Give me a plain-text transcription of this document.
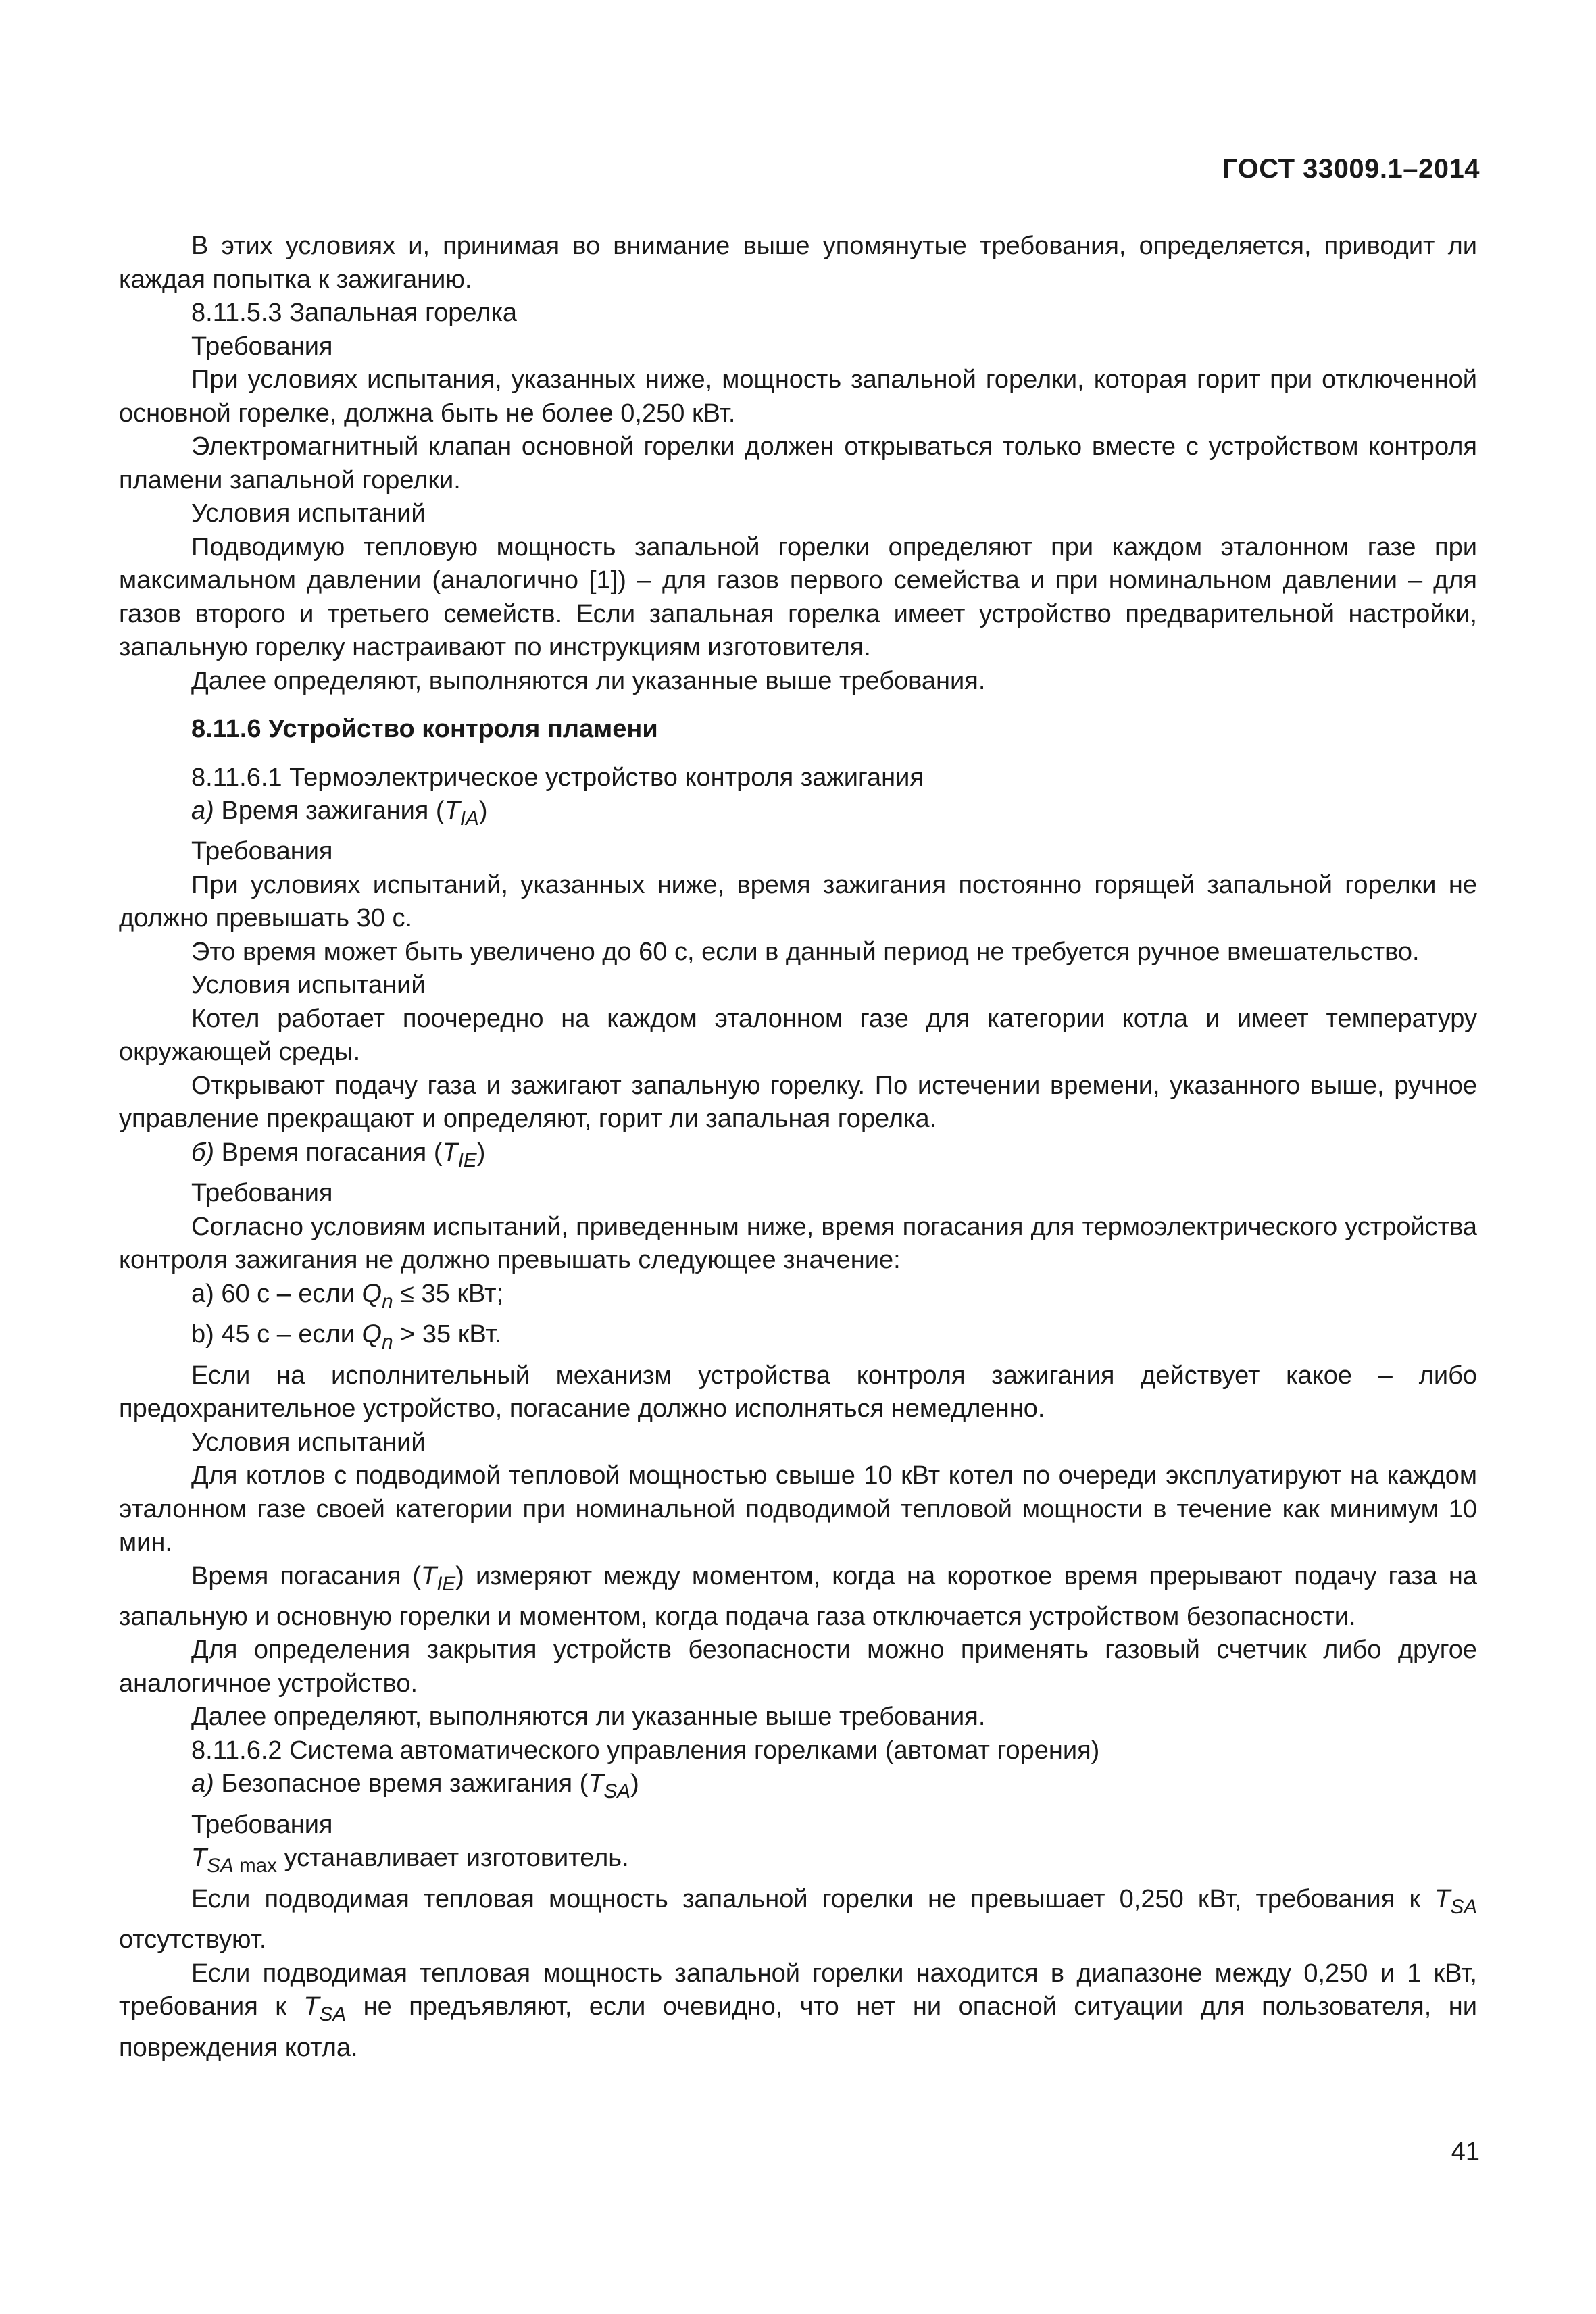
ГОСТ 33009.1–2014

В этих условиях и, принимая во внимание выше упомянутые требования, определяется, приводит ли каждая попытка к зажиганию.

8.11.5.3 Запальная горелка

Требования

При условиях испытания, указанных ниже, мощность запальной горелки, которая горит при отключенной основной горелке, должна быть не более 0,250 кВт.

Электромагнитный клапан основной горелки должен открываться только вместе с устройством контроля пламени запальной горелки.

Условия испытаний

Подводимую тепловую мощность запальной горелки определяют при каждом эталонном газе при максимальном давлении (аналогично [1]) – для газов первого семейства и при номинальном давлении – для газов второго и третьего семейств. Если запальная горелка имеет устройство предварительной настройки, запальную горелку настраивают по инструкциям изготовителя.

Далее определяют, выполняются ли указанные выше требования.

8.11.6 Устройство контроля пламени

8.11.6.1 Термоэлектрическое устройство контроля зажигания

а) Время зажигания $(T_{IA})$

Требования

При условиях испытаний, указанных ниже, время зажигания постоянно горящей запальной горелки не должно превышать 30 с.

Это время может быть увеличено до 60 с, если в данный период не требуется ручное вмешательство.

Условия испытаний

Котел работает поочередно на каждом эталонном газе для категории котла и имеет температуру окружающей среды.

Открывают подачу газа и зажигают запальную горелку. По истечении времени, указанного выше, ручное управление прекращают и определяют, горит ли запальная горелка.

б) Время погасания $(T_{IE})$

Требования

Согласно условиям испытаний, приведенным ниже, время погасания для термоэлектрического устройства контроля зажигания не должно превышать следующее значение:

a) 60 с – если $Q_n \le 35$ кВт;

b) 45 с – если $Q_n > 35$ кВт.

Если на исполнительный механизм устройства контроля зажигания действует какое – либо предохранительное устройство, погасание должно исполняться немедленно.

Условия испытаний

Для котлов с подводимой тепловой мощностью свыше 10 кВт котел по очереди эксплуатируют на каждом эталонном газе своей категории при номинальной подводимой тепловой мощности в течение как минимум 10 мин.

Время погасания $(T_{IE})$ измеряют между моментом, когда на короткое время прерывают подачу газа на запальную и основную горелки и моментом, когда подача газа отключается устройством безопасности.

Для определения закрытия устройств безопасности можно применять газовый счетчик либо другое аналогичное устройство.

Далее определяют, выполняются ли указанные выше требования.

8.11.6.2 Система автоматического управления горелками (автомат горения)

а) Безопасное время зажигания $(T_{SA})$

Требования

$T_{SA}$ $_{max}$ устанавливает изготовитель.

Если подводимая тепловая мощность запальной горелки не превышает 0,250 кВт, требования к $T_{SA}$ отсутствуют.

Если подводимая тепловая мощность запальной горелки находится в диапазоне между 0,250 и 1 кВт, требования к $T_{SA}$ не предъявляют, если очевидно, что нет ни опасной ситуации для пользователя, ни повреждения котла.

41
